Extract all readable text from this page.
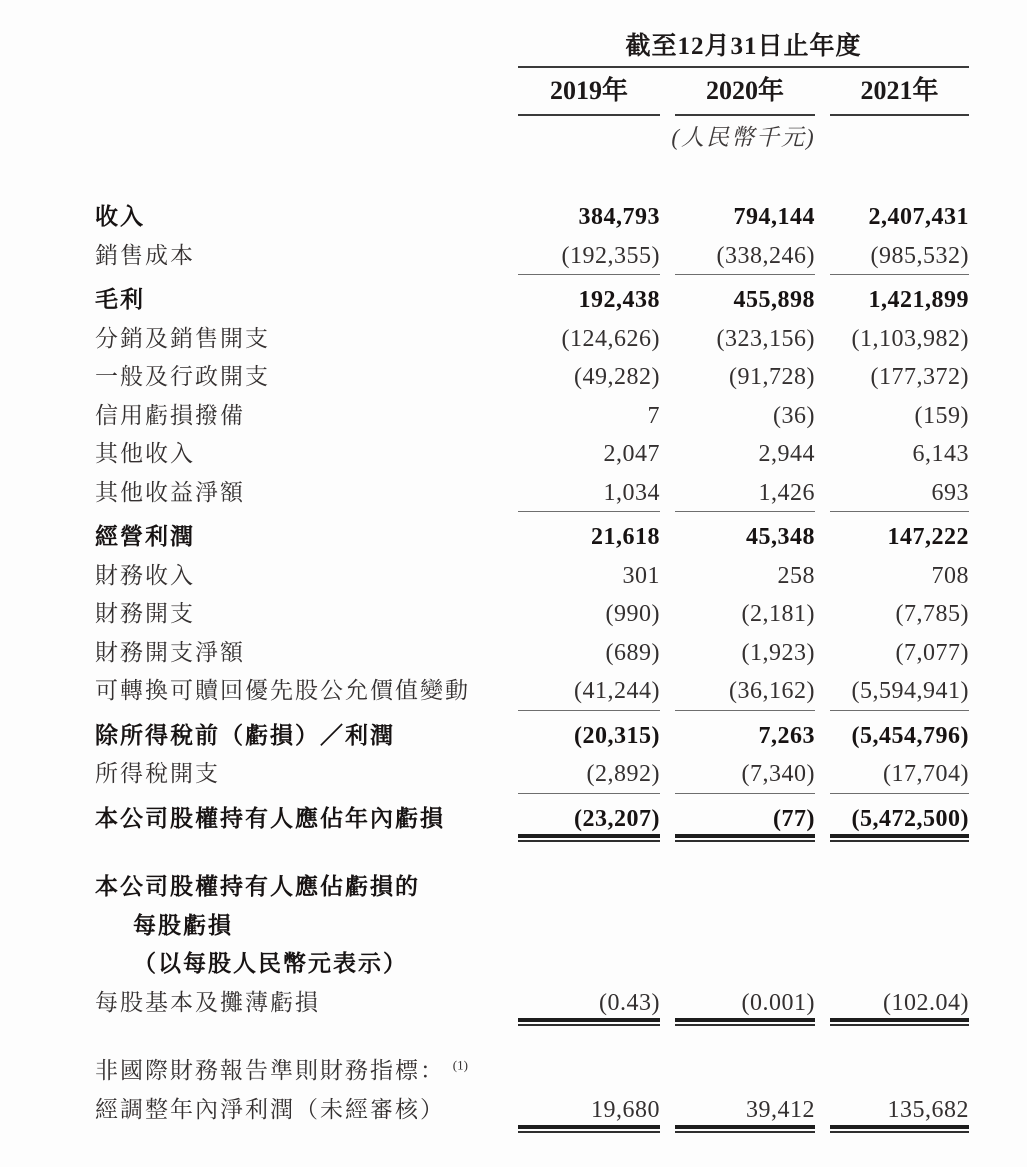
截至12月31日止年度
2019年	2020年	2021年
(人民幣千元)
收入	384,793	794,144	2,407,431
銷售成本	(192,355)	(338,246)	(985,532)
毛利	192,438	455,898	1,421,899
分銷及銷售開支	(124,626)	(323,156)	(1,103,982)
一般及行政開支	(49,282)	(91,728)	(177,372)
信用虧損撥備	7	(36)	(159)
其他收入	2,047	2,944	6,143
其他收益淨額	1,034	1,426	693
經營利潤	21,618	45,348	147,222
財務收入	301	258	708
財務開支	(990)	(2,181)	(7,785)
財務開支淨額	(689)	(1,923)	(7,077)
可轉換可贖回優先股公允價值變動	(41,244)	(36,162)	(5,594,941)
除所得稅前（虧損）／利潤	(20,315)	7,263	(5,454,796)
所得稅開支	(2,892)	(7,340)	(17,704)
本公司股權持有人應佔年內虧損	(23,207)	(77)	(5,472,500)
本公司股權持有人應佔虧損的
每股虧損
（以每股人民幣元表示）
每股基本及攤薄虧損	(0.43)	(0.001)	(102.04)
非國際財務報告準則財務指標： $^{(1)}$
經調整年內淨利潤（未經審核）	19,680	39,412	135,682
